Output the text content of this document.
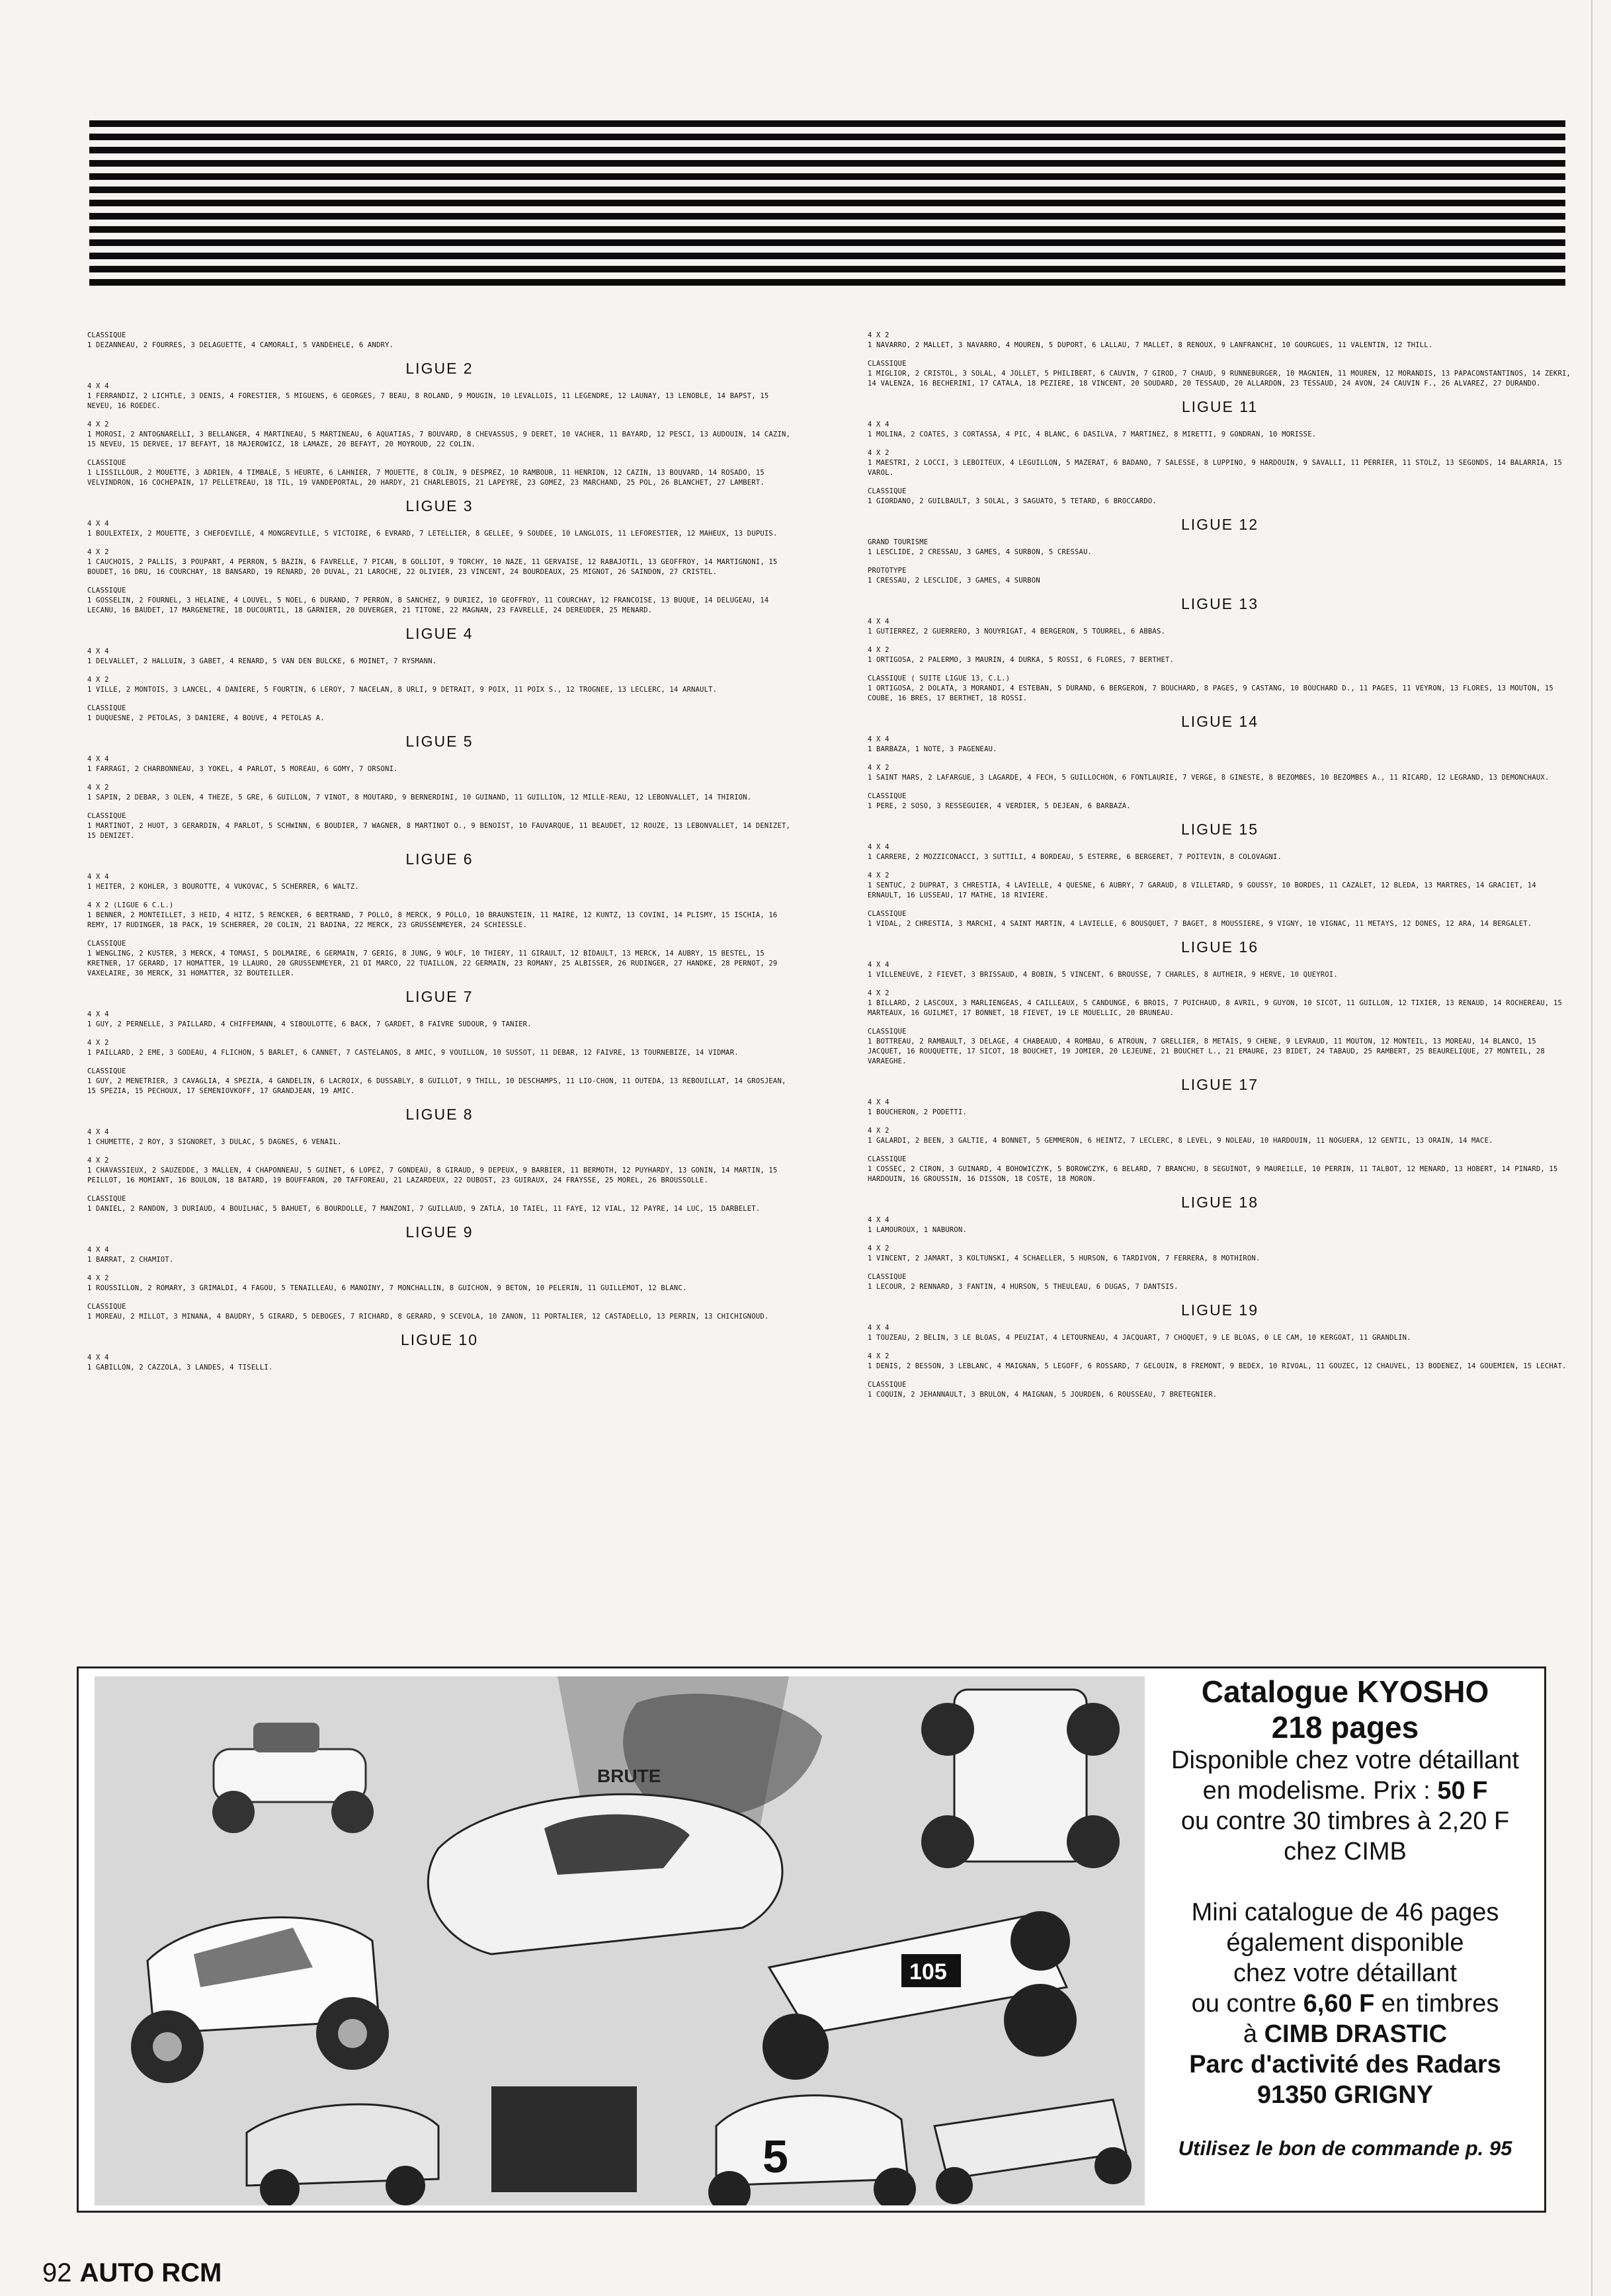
CLASSIQUE
1 DEZANNEAU, 2 FOURRES, 3 DELAGUETTE, 4 CAMORALI, 5 VANDEHELE, 6 ANDRY.

LIGUE 2

4 X 4
1 FERRANDIZ, 2 LICHTLE, 3 DENIS, 4 FORESTIER, 5 MIGUENS, 6 GEORGES, 7 BEAU, 8 ROLAND, 9 MOUGIN, 10 LEVALLOIS, 11 LEGENDRE, 12 LAUNAY, 13 LENOBLE, 14 BAPST, 15 NEVEU, 16 ROEDEC.

4 X 2
1 MOROSI, 2 ANTOGNARELLI, 3 BELLANGER, 4 MARTINEAU, 5 MARTINEAU, 6 AQUATIAS, 7 BOUVARD, 8 CHEVASSUS, 9 DERET, 10 VACHER, 11 BAYARD, 12 PESCI, 13 AUDOUIN, 14 CAZIN, 15 NEVEU, 15 DERVEE, 17 BEFAYT, 18 MAJEROWICZ, 18 LAMAZE, 20 BEFAYT, 20 MOYROUD, 22 COLIN.

CLASSIQUE
1 LISSILLOUR, 2 MOUETTE, 3 ADRIEN, 4 TIMBALE, 5 HEURTE, 6 LAHNIER, 7 MOUETTE, 8 COLIN, 9 DESPREZ, 10 RAMBOUR, 11 HENRION, 12 CAZIN, 13 BOUVARD, 14 ROSADO, 15 VELVINDRON, 16 COCHEPAIN, 17 PELLETREAU, 18 TIL, 19 VANDEPORTAL, 20 HARDY, 21 CHARLEBOIS, 21 LAPEYRE, 23 GOMEZ, 23 MARCHAND, 25 POL, 26 BLANCHET, 27 LAMBERT.

LIGUE 3

4 X 4
1 BOULEXTEIX, 2 MOUETTE, 3 CHEFDEVILLE, 4 MONGREVILLE, 5 VICTOIRE, 6 EVRARD, 7 LETELLIER, 8 GELLEE, 9 SOUDEE, 10 LANGLOIS, 11 LEFORESTIER, 12 MAHEUX, 13 DUPUIS.

4 X 2
1 CAUCHOIS, 2 PALLIS, 3 POUPART, 4 PERRON, 5 BAZIN, 6 FAVRELLE, 7 PICAN, 8 GOLLIOT, 9 TORCHY, 10 NAZE, 11 GERVAISE, 12 RABAJOTIL, 13 GEOFFROY, 14 MARTIGNONI, 15 BOUDET, 16 DRU, 16 COURCHAY, 18 BANSARD, 19 RENARD, 20 DUVAL, 21 LAROCHE, 22 OLIVIER, 23 VINCENT, 24 BOURDEAUX, 25 MIGNOT, 26 SAINDON, 27 CRISTEL.

CLASSIQUE
1 GOSSELIN, 2 FOURNEL, 3 HELAINE, 4 LOUVEL, 5 NOEL, 6 DURAND, 7 PERRON, 8 SANCHEZ, 9 DURIEZ, 10 GEOFFROY, 11 COURCHAY, 12 FRANCOISE, 13 BUQUE, 14 DELUGEAU, 14 LECANU, 16 BAUDET, 17 MARGENETRE, 18 DUCOURTIL, 18 GARNIER, 20 DUVERGER, 21 TITONE, 22 MAGNAN, 23 FAVRELLE, 24 DEREUDER, 25 MENARD.

LIGUE 4

4 X 4
1 DELVALLET, 2 HALLUIN, 3 GABET, 4 RENARD, 5 VAN DEN BULCKE, 6 MOINET, 7 RYSMANN.

4 X 2
1 VILLE, 2 MONTOIS, 3 LANCEL, 4 DANIERE, 5 FOURTIN, 6 LEROY, 7 NACELAN, 8 URLI, 9 DETRAIT, 9 POIX, 11 POIX S., 12 TROGNEE, 13 LECLERC, 14 ARNAULT.

CLASSIQUE
1 DUQUESNE, 2 PETOLAS, 3 DANIERE, 4 BOUVE, 4 PETOLAS A.

LIGUE 5

4 X 4
1 FARRAGI, 2 CHARBONNEAU, 3 YOKEL, 4 PARLOT, 5 MOREAU, 6 GOMY, 7 ORSONI.

4 X 2
1 SAPIN, 2 DEBAR, 3 OLEN, 4 THEZE, 5 GRE, 6 GUILLON, 7 VINOT, 8 MOUTARD, 9 BERNERDINI, 10 GUINAND, 11 GUILLION, 12 MILLE-REAU, 12 LEBONVALLET, 14 THIRION.

CLASSIQUE
1 MARTINOT, 2 HUOT, 3 GERARDIN, 4 PARLOT, 5 SCHWINN, 6 BOUDIER, 7 WAGNER, 8 MARTINOT O., 9 BENOIST, 10 FAUVARQUE, 11 BEAUDET, 12 ROUZE, 13 LEBONVALLET, 14 DENIZET, 15 DENIZET.

LIGUE 6

4 X 4
1 HEITER, 2 KOHLER, 3 BOUROTTE, 4 VUKOVAC, 5 SCHERRER, 6 WALTZ.

4 X 2 (LIGUE 6 C.L.)
1 BENNER, 2 MONTEILLET, 3 HEID, 4 HITZ, 5 RENCKER, 6 BERTRAND, 7 POLLO, 8 MERCK, 9 POLLO, 10 BRAUNSTEIN, 11 MAIRE, 12 KUNTZ, 13 COVINI, 14 PLISMY, 15 ISCHIA, 16 REMY, 17 RUDINGER, 18 PACK, 19 SCHERRER, 20 COLIN, 21 BADINA, 22 MERCK, 23 GRUSSENMEYER, 24 SCHIESSLE.

CLASSIQUE
1 WENGLING, 2 KUSTER, 3 MERCK, 4 TOMASI, 5 DOLMAIRE, 6 GERMAIN, 7 GERIG, 8 JUNG, 9 WOLF, 10 THIERY, 11 GIRAULT, 12 BIDAULT, 13 MERCK, 14 AUBRY, 15 BESTEL, 15 KRETNER, 17 GERARD, 17 HOMATTER, 19 LLAURO, 20 GRUSSENMEYER, 21 DI MARCO, 22 TUAILLON, 22 GERMAIN, 23 ROMANY, 25 ALBISSER, 26 RUDINGER, 27 HANDKE, 28 PERNOT, 29 VAXELAIRE, 30 MERCK, 31 HOMATTER, 32 BOUTEILLER.

LIGUE 7

4 X 4
1 GUY, 2 PERNELLE, 3 PAILLARD, 4 CHIFFEMANN, 4 SIBOULOTTE, 6 BACK, 7 GARDET, 8 FAIVRE SUDOUR, 9 TANIER.

4 X 2
1 PAILLARD, 2 EME, 3 GODEAU, 4 FLICHON, 5 BARLET, 6 CANNET, 7 CASTELANOS, 8 AMIC, 9 VOUILLON, 10 SUSSOT, 11 DEBAR, 12 FAIVRE, 13 TOURNEBIZE, 14 VIDMAR.

CLASSIQUE
1 GUY, 2 MENETRIER, 3 CAVAGLIA, 4 SPEZIA, 4 GANDELIN, 6 LACROIX, 6 DUSSABLY, 8 GUILLOT, 9 THILL, 10 DESCHAMPS, 11 LIO-CHON, 11 OUTEDA, 13 REBOUILLAT, 14 GROSJEAN, 15 SPEZIA, 15 PECHOUX, 17 SEMENIOVKOFF, 17 GRANDJEAN, 19 AMIC.

LIGUE 8

4 X 4
1 CHUMETTE, 2 ROY, 3 SIGNORET, 3 DULAC, 5 DAGNES, 6 VENAIL.

4 X 2
1 CHAVASSIEUX, 2 SAUZEDDE, 3 MALLEN, 4 CHAPONNEAU, 5 GUINET, 6 LOPEZ, 7 GONDEAU, 8 GIRAUD, 9 DEPEUX, 9 BARBIER, 11 BERMOTH, 12 PUYHARDY, 13 GONIN, 14 MARTIN, 15 PEILLOT, 16 MOMIANT, 16 BOULON, 18 BATARD, 19 BOUFFARON, 20 TAFFOREAU, 21 LAZARDEUX, 22 DUBOST, 23 GUIRAUX, 24 FRAYSSE, 25 MOREL, 26 BROUSSOLLE.

CLASSIQUE
1 DANIEL, 2 RANDON, 3 DURIAUD, 4 BOUILHAC, 5 BAHUET, 6 BOURDOLLE, 7 MANZONI, 7 GUILLAUD, 9 ZATLA, 10 TAIEL, 11 FAYE, 12 VIAL, 12 PAYRE, 14 LUC, 15 DARBELET.

LIGUE 9

4 X 4
1 BARRAT, 2 CHAMIOT.

4 X 2
1 ROUSSILLON, 2 ROMARY, 3 GRIMALDI, 4 FAGOU, 5 TENAILLEAU, 6 MANOINY, 7 MONCHALLIN, 8 GUICHON, 9 BETON, 10 PELERIN, 11 GUILLEMOT, 12 BLANC.

CLASSIQUE
1 MOREAU, 2 MILLOT, 3 MINANA, 4 BAUDRY, 5 GIRARD, 5 DEBOGES, 7 RICHARD, 8 GERARD, 9 SCEVOLA, 10 ZANON, 11 PORTALIER, 12 CASTADELLO, 13 PERRIN, 13 CHICHIGNOUD.

LIGUE 10

4 X 4
1 GABILLON, 2 CAZZOLA, 3 LANDES, 4 TISELLI.

4 X 2
1 NAVARRO, 2 MALLET, 3 NAVARRO, 4 MOUREN, 5 DUPORT, 6 LALLAU, 7 MALLET, 8 RENOUX, 9 LANFRANCHI, 10 GOURGUES, 11 VALENTIN, 12 THILL.

CLASSIQUE
1 MIGLIOR, 2 CRISTOL, 3 SOLAL, 4 JOLLET, 5 PHILIBERT, 6 CAUVIN, 7 GIROD, 7 CHAUD, 9 RUNNEBURGER, 10 MAGNIEN, 11 MOUREN, 12 MORANDIS, 13 PAPACONSTANTINOS, 14 ZEKRI, 14 VALENZA, 16 BECHERINI, 17 CATALA, 18 PEZIERE, 18 VINCENT, 20 SOUDARD, 20 TESSAUD, 20 ALLARDON, 23 TESSAUD, 24 AVON, 24 CAUVIN F., 26 ALVAREZ, 27 DURANDO.

LIGUE 11

4 X 4
1 MOLINA, 2 COATES, 3 CORTASSA, 4 PIC, 4 BLANC, 6 DASILVA, 7 MARTINEZ, 8 MIRETTI, 9 GONDRAN, 10 MORISSE.

4 X 2
1 MAESTRI, 2 LOCCI, 3 LEBOITEUX, 4 LEGUILLON, 5 MAZERAT, 6 BADANO, 7 SALESSE, 8 LUPPINO, 9 HARDOUIN, 9 SAVALLI, 11 PERRIER, 11 STOLZ, 13 SEGONDS, 14 BALARRIA, 15 VAROL.

CLASSIQUE
1 GIORDANO, 2 GUILBAULT, 3 SOLAL, 3 SAGUATO, 5 TETARD, 6 BROCCARDO.

LIGUE 12

GRAND TOURISME
1 LESCLIDE, 2 CRESSAU, 3 GAMES, 4 SURBON, 5 CRESSAU.

PROTOTYPE
1 CRESSAU, 2 LESCLIDE, 3 GAMES, 4 SURBON

LIGUE 13

4 X 4
1 GUTIERREZ, 2 GUERRERO, 3 NOUYRIGAT, 4 BERGERON, 5 TOURREL, 6 ABBAS.

4 X 2
1 ORTIGOSA, 2 PALERMO, 3 MAURIN, 4 DURKA, 5 ROSSI, 6 FLORES, 7 BERTHET.

CLASSIQUE ( SUITE LIGUE 13, C.L.)
1 ORTIGOSA, 2 DOLATA, 3 MORANDI, 4 ESTEBAN, 5 DURAND, 6 BERGERON, 7 BOUCHARD, 8 PAGES, 9 CASTANG, 10 BOUCHARD D., 11 PAGES, 11 VEYRON, 13 FLORES, 13 MOUTON, 15 COUBE, 16 BRES, 17 BERTHET, 18 ROSSI.

LIGUE 14

4 X 4
1 BARBAZA, 1 NOTE, 3 PAGENEAU.

4 X 2
1 SAINT MARS, 2 LAFARGUE, 3 LAGARDE, 4 FECH, 5 GUILLOCHON, 6 FONTLAURIE, 7 VERGE, 8 GINESTE, 8 BEZOMBES, 10 BEZOMBES A., 11 RICARD, 12 LEGRAND, 13 DEMONCHAUX.

CLASSIQUE
1 PERE, 2 SOSO, 3 RESSEGUIER, 4 VERDIER, 5 DEJEAN, 6 BARBAZA.

LIGUE 15

4 X 4
1 CARRERE, 2 MOZZICONACCI, 3 SUTTILI, 4 BORDEAU, 5 ESTERRE, 6 BERGERET, 7 POITEVIN, 8 COLOVAGNI.

4 X 2
1 SENTUC, 2 DUPRAT, 3 CHRESTIA, 4 LAVIELLE, 4 QUESNE, 6 AUBRY, 7 GARAUD, 8 VILLETARD, 9 GOUSSY, 10 BORDES, 11 CAZALET, 12 BLEDA, 13 MARTRES, 14 GRACIET, 14 ERNAULT, 16 LUSSEAU, 17 MATHE, 18 RIVIERE.

CLASSIQUE
1 VIDAL, 2 CHRESTIA, 3 MARCHI, 4 SAINT MARTIN, 4 LAVIELLE, 6 BOUSQUET, 7 BAGET, 8 MOUSSIERE, 9 VIGNY, 10 VIGNAC, 11 METAYS, 12 DONES, 12 ARA, 14 BERGALET.

LIGUE 16

4 X 4
1 VILLENEUVE, 2 FIEVET, 3 BRISSAUD, 4 BOBIN, 5 VINCENT, 6 BROUSSE, 7 CHARLES, 8 AUTHEIR, 9 HERVE, 10 QUEYROI.

4 X 2
1 BILLARD, 2 LASCOUX, 3 MARLIENGEAS, 4 CAILLEAUX, 5 CANDUNGE, 6 BROIS, 7 PUICHAUD, 8 AVRIL, 9 GUYON, 10 SICOT, 11 GUILLON, 12 TIXIER, 13 RENAUD, 14 ROCHEREAU, 15 MARTEAUX, 16 GUILMET, 17 BONNET, 18 FIEVET, 19 LE MOUELLIC, 20 BRUNEAU.

CLASSIQUE
1 BOTTREAU, 2 RAMBAULT, 3 DELAGE, 4 CHABEAUD, 4 ROMBAU, 6 ATROUN, 7 GRELLIER, 8 METAIS, 9 CHENE, 9 LEVRAUD, 11 MOUTON, 12 MONTEIL, 13 MOREAU, 14 BLANCO, 15 JACQUET, 16 ROUQUETTE, 17 SICOT, 18 BOUCHET, 19 JOMIER, 20 LEJEUNE, 21 BOUCHET L., 21 EMAURE, 23 BIDET, 24 TABAUD, 25 RAMBERT, 25 BEAURELIQUE, 27 MONTEIL, 28 VARAEGHE.

LIGUE 17

4 X 4
1 BOUCHERON, 2 PODETTI.

4 X 2
1 GALARDI, 2 BEEN, 3 GALTIE, 4 BONNET, 5 GEMMERON, 6 HEINTZ, 7 LECLERC, 8 LEVEL, 9 NOLEAU, 10 HARDOUIN, 11 NOGUERA, 12 GENTIL, 13 ORAIN, 14 MACE.

CLASSIQUE
1 COSSEC, 2 CIRON, 3 GUINARD, 4 BOHOWICZYK, 5 BOROWCZYK, 6 BELARD, 7 BRANCHU, 8 SEGUINOT, 9 MAUREILLE, 10 PERRIN, 11 TALBOT, 12 MENARD, 13 HOBERT, 14 PINARD, 15 HARDOUIN, 16 GROUSSIN, 16 DISSON, 18 COSTE, 18 MORON.

LIGUE 18

4 X 4
1 LAMOUROUX, 1 NABURON.

4 X 2
1 VINCENT, 2 JAMART, 3 KOLTUNSKI, 4 SCHAELLER, 5 HURSON, 6 TARDIVON, 7 FERRERA, 8 MOTHIRON.

CLASSIQUE
1 LECOUR, 2 RENNARD, 3 FANTIN, 4 HURSON, 5 THEULEAU, 6 DUGAS, 7 DANTSIS.

LIGUE 19

4 X 4
1 TOUZEAU, 2 BELIN, 3 LE BLOAS, 4 PEUZIAT, 4 LETOURNEAU, 4 JACQUART, 7 CHOQUET, 9 LE BLOAS, 0 LE CAM, 10 KERGOAT, 11 GRANDLIN.

4 X 2
1 DENIS, 2 BESSON, 3 LEBLANC, 4 MAIGNAN, 5 LEGOFF, 6 ROSSARD, 7 GELOUIN, 8 FREMONT, 9 BEDEX, 10 RIVOAL, 11 GOUZEC, 12 CHAUVEL, 13 BODENEZ, 14 GOUEMIEN, 15 LECHAT.

CLASSIQUE
1 COQUIN, 2 JEHANNAULT, 3 BRULON, 4 MAIGNAN, 5 JOURDEN, 6 ROUSSEAU, 7 BRETEGNIER.

BRUTE
105
5
Catalogue KYOSHO
218 pages
Disponible chez votre détaillant
en modelisme. Prix : 50 F
ou contre 30 timbres à 2,20 F
chez CIMB
Mini catalogue de 46 pages
également disponible
chez votre détaillant
ou contre 6,60 F en timbres
à CIMB DRASTIC
Parc d'activité des Radars
91350 GRIGNY
Utilisez le bon de commande p. 95
92 AUTO RCM
